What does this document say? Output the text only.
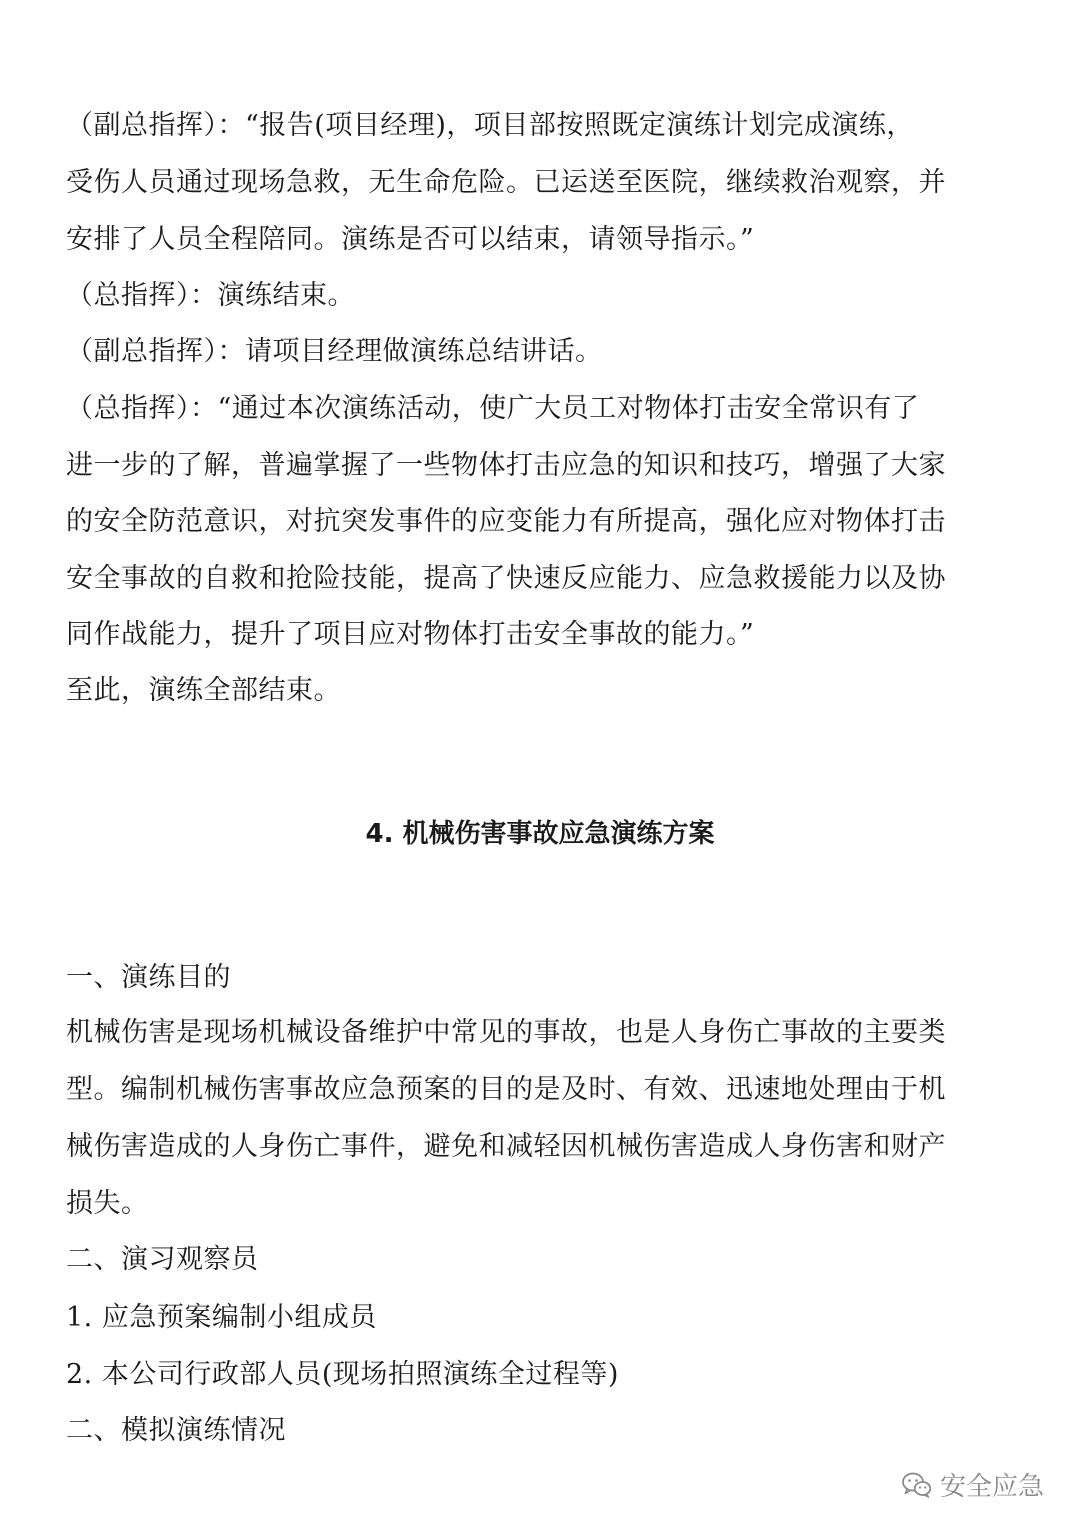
（副总指挥）：“报告(项目经理)，项目部按照既定演练计划完成演练，
受伤人员通过现场急救，无生命危险。已运送至医院，继续救治观察，并
安排了人员全程陪同。演练是否可以结束，请领导指示。”
（总指挥）：演练结束。
（副总指挥）：请项目经理做演练总结讲话。
（总指挥）：“通过本次演练活动，使广大员工对物体打击安全常识有了
进一步的了解，普遍掌握了一些物体打击应急的知识和技巧，增强了大家
的安全防范意识，对抗突发事件的应变能力有所提高，强化应对物体打击
安全事故的自救和抢险技能，提高了快速反应能力、应急救援能力以及协
同作战能力，提升了项目应对物体打击安全事故的能力。”
至此，演练全部结束。
4. 机械伤害事故应急演练方案
一、演练目的
机械伤害是现场机械设备维护中常见的事故，也是人身伤亡事故的主要类
型。编制机械伤害事故应急预案的目的是及时、有效、迅速地处理由于机
械伤害造成的人身伤亡事件，避免和减轻因机械伤害造成人身伤害和财产
损失。
二、演习观察员
1. 应急预案编制小组成员
2. 本公司行政部人员(现场拍照演练全过程等)
二、模拟演练情况
安全应急
